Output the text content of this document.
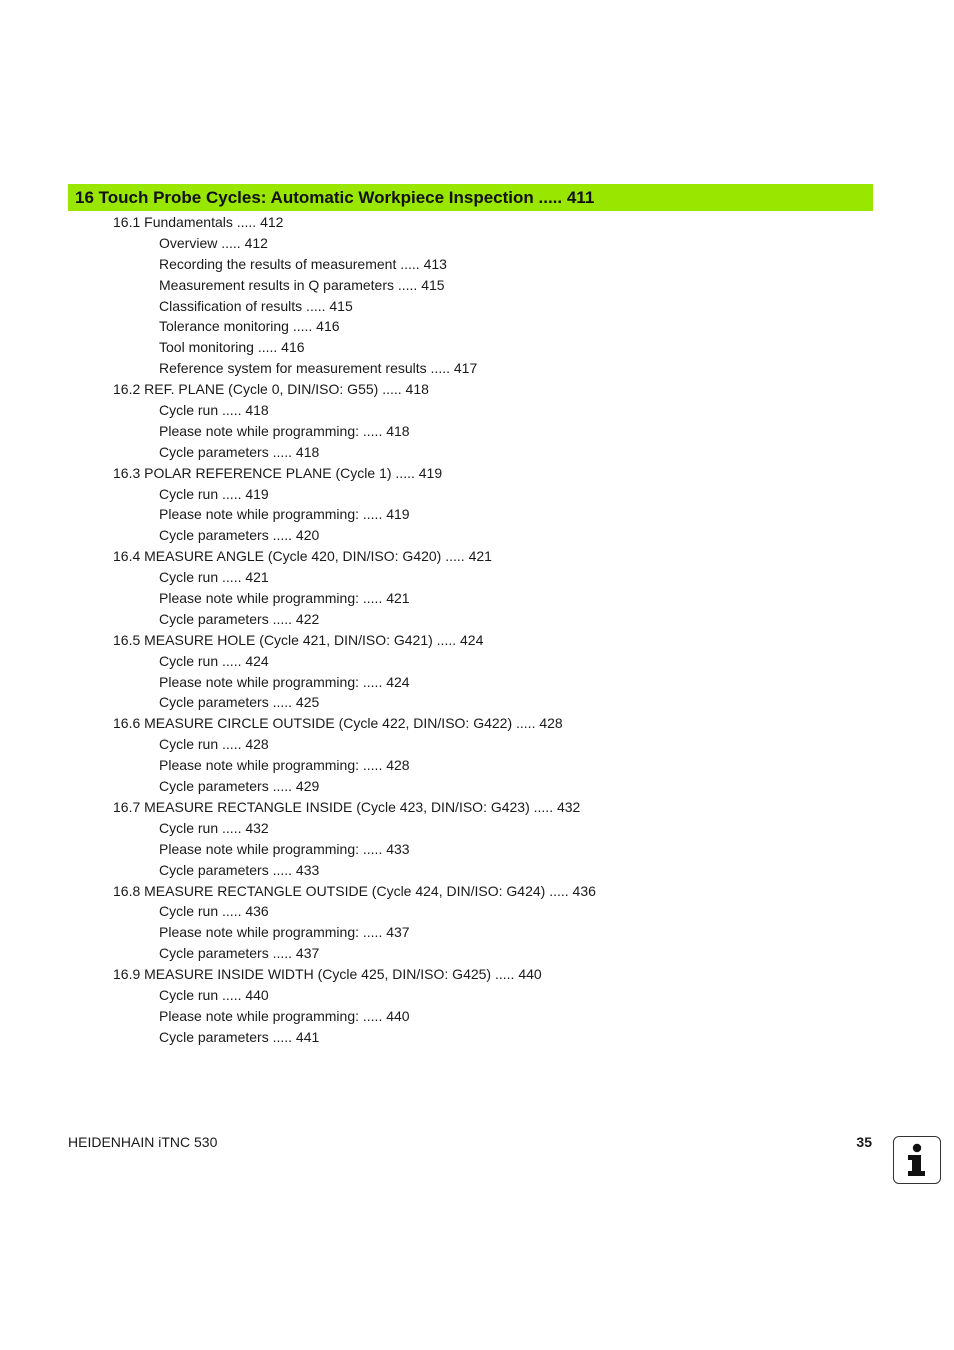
16 Touch Probe Cycles: Automatic Workpiece Inspection ..... 411
16.1 Fundamentals ..... 412
Overview ..... 412
Recording the results of measurement ..... 413
Measurement results in Q parameters ..... 415
Classification of results ..... 415
Tolerance monitoring ..... 416
Tool monitoring ..... 416
Reference system for measurement results ..... 417
16.2 REF. PLANE (Cycle 0, DIN/ISO: G55) ..... 418
Cycle run ..... 418
Please note while programming: ..... 418
Cycle parameters ..... 418
16.3 POLAR REFERENCE PLANE (Cycle 1) ..... 419
Cycle run ..... 419
Please note while programming: ..... 419
Cycle parameters ..... 420
16.4 MEASURE ANGLE (Cycle 420, DIN/ISO: G420) ..... 421
Cycle run ..... 421
Please note while programming: ..... 421
Cycle parameters ..... 422
16.5 MEASURE HOLE (Cycle 421, DIN/ISO: G421) ..... 424
Cycle run ..... 424
Please note while programming: ..... 424
Cycle parameters ..... 425
16.6 MEASURE CIRCLE OUTSIDE (Cycle 422, DIN/ISO: G422) ..... 428
Cycle run ..... 428
Please note while programming: ..... 428
Cycle parameters ..... 429
16.7 MEASURE RECTANGLE INSIDE (Cycle 423, DIN/ISO: G423) ..... 432
Cycle run ..... 432
Please note while programming: ..... 433
Cycle parameters ..... 433
16.8 MEASURE RECTANGLE OUTSIDE (Cycle 424, DIN/ISO: G424) ..... 436
Cycle run ..... 436
Please note while programming: ..... 437
Cycle parameters ..... 437
16.9 MEASURE INSIDE WIDTH (Cycle 425, DIN/ISO: G425) ..... 440
Cycle run ..... 440
Please note while programming: ..... 440
Cycle parameters ..... 441
HEIDENHAIN iTNC 530	35
